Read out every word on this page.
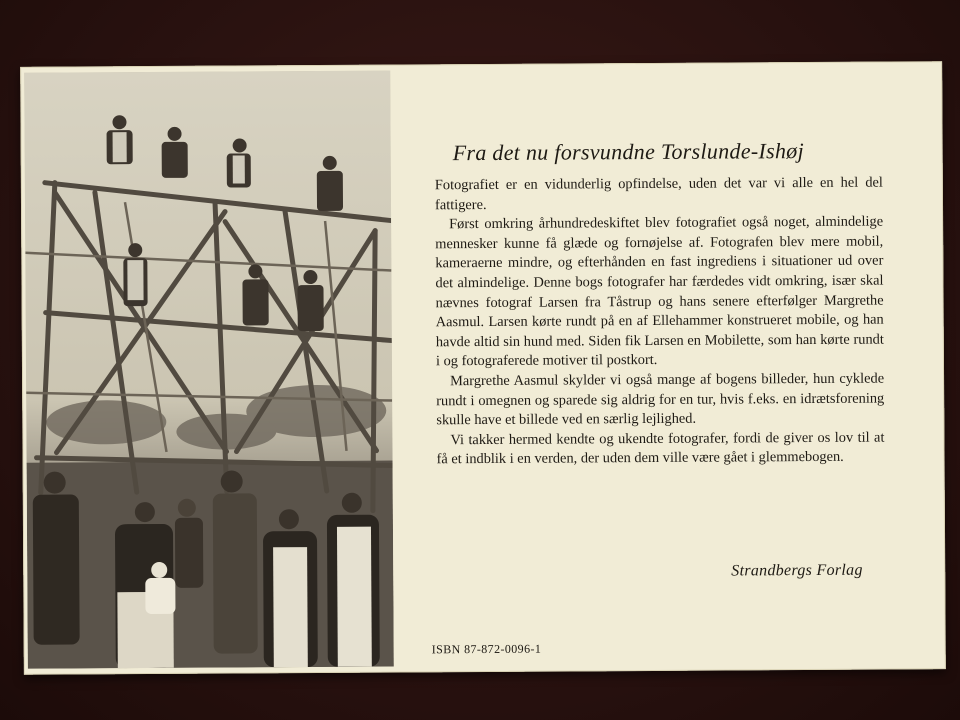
Fra det nu forsvundne Torslunde-Ishøj

Fotografiet er en vidunderlig opfindelse, uden det var vi alle en hel del fattigere.

Først omkring århundredeskiftet blev fotografiet også noget, almindelige mennesker kunne få glæde og fornøjelse af. Fotografen blev mere mobil, kameraerne mindre, og efterhånden en fast ingrediens i situationer ud over det almindelige. Denne bogs fotografer har færdedes vidt omkring, især skal nævnes fotograf Larsen fra Tåstrup og hans senere efterfølger Margrethe Aasmul. Larsen kørte rundt på en af Ellehammer konstrueret mobile, og han havde altid sin hund med. Siden fik Larsen en Mobilette, som han kørte rundt i og fotograferede motiver til postkort.

Margrethe Aasmul skylder vi også mange af bogens billeder, hun cyklede rundt i omegnen og sparede sig aldrig for en tur, hvis f.eks. en idrætsforening skulle have et billede ved en særlig lejlighed.

Vi takker hermed kendte og ukendte fotografer, fordi de giver os lov til at få et indblik i en verden, der uden dem ville være gået i glemmebogen.

Strandbergs Forlag

ISBN 87-872-0096-1
